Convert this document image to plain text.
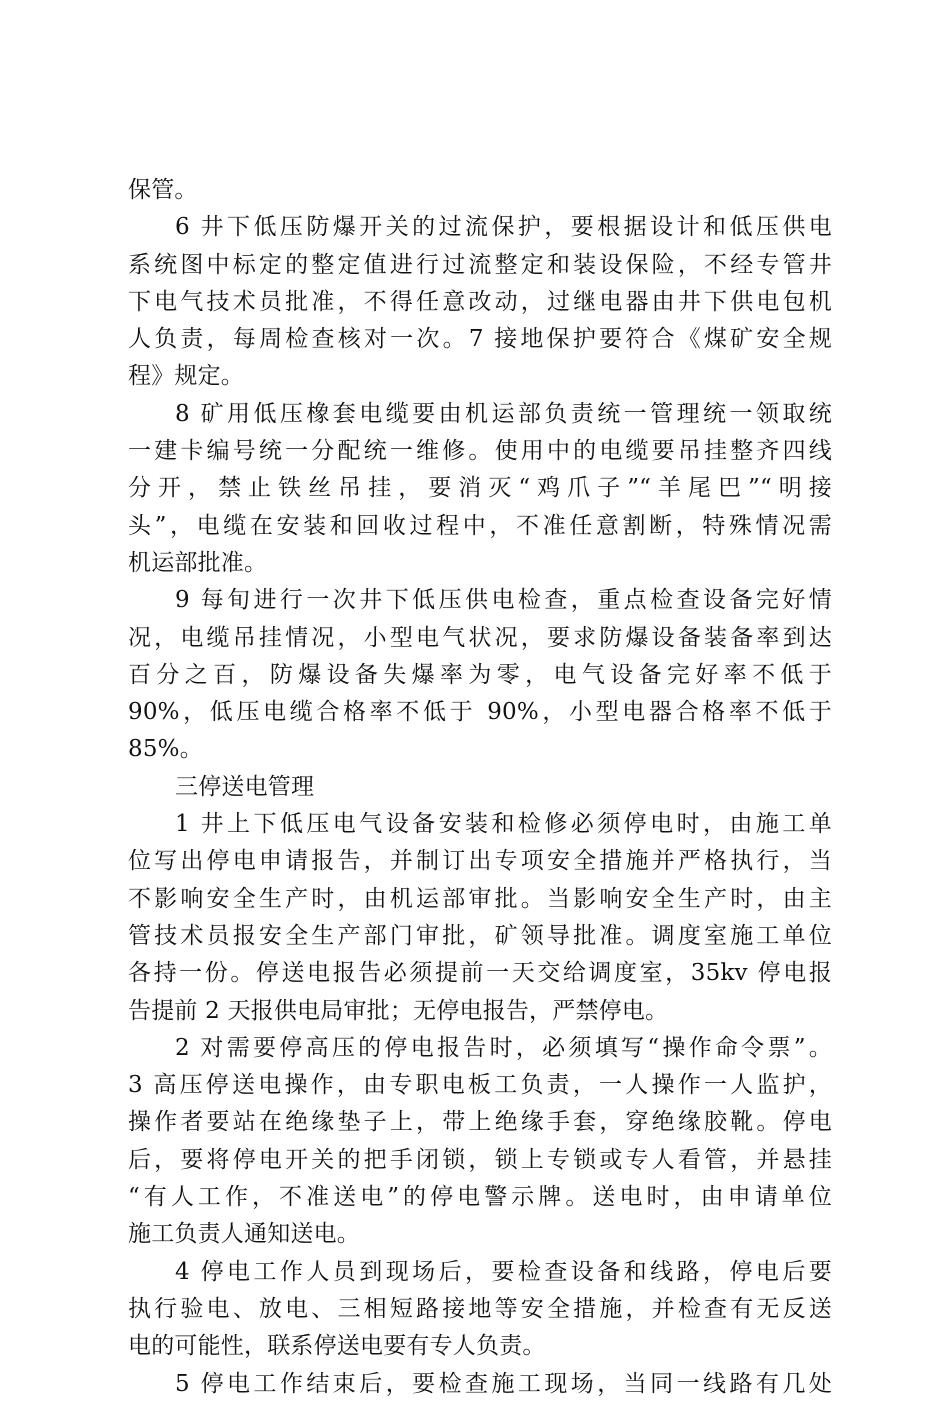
保管。
6 井下低压防爆开关的过流保护，要根据设计和低压供电
系统图中标定的整定值进行过流整定和装设保险，不经专管井
下电气技术员批准，不得任意改动，过继电器由井下供电包机
人负责，每周检查核对一次。7 接地保护要符合《煤矿安全规
程》规定。
8 矿用低压橡套电缆要由机运部负责统一管理统一领取统
一建卡编号统一分配统一维修。使用中的电缆要吊挂整齐四线
分开，禁止铁丝吊挂，要消灭“鸡爪子”“羊尾巴”“明接
头”，电缆在安装和回收过程中，不准任意割断，特殊情况需
机运部批准。
9 每旬进行一次井下低压供电检查，重点检查设备完好情
况，电缆吊挂情况，小型电气状况，要求防爆设备装备率到达
百分之百，防爆设备失爆率为零，电气设备完好率不低于
90%，低压电缆合格率不低于 90%，小型电器合格率不低于
85%。
三停送电管理
1 井上下低压电气设备安装和检修必须停电时，由施工单
位写出停电申请报告，并制订出专项安全措施并严格执行，当
不影响安全生产时，由机运部审批。当影响安全生产时，由主
管技术员报安全生产部门审批，矿领导批准。调度室施工单位
各持一份。停送电报告必须提前一天交给调度室，35kv 停电报
告提前 2 天报供电局审批；无停电报告，严禁停电。
2 对需要停高压的停电报告时，必须填写“操作命令票”。
3 高压停送电操作，由专职电板工负责，一人操作一人监护，
操作者要站在绝缘垫子上，带上绝缘手套，穿绝缘胶靴。停电
后，要将停电开关的把手闭锁，锁上专锁或专人看管，并悬挂
“有人工作，不准送电”的停电警示牌。送电时，由申请单位
施工负责人通知送电。
4 停电工作人员到现场后，要检查设备和线路，停电后要
执行验电、放电、三相短路接地等安全措施，并检查有无反送
电的可能性，联系停送电要有专人负责。
5 停电工作结束后，要检查施工现场，当同一线路有几处
